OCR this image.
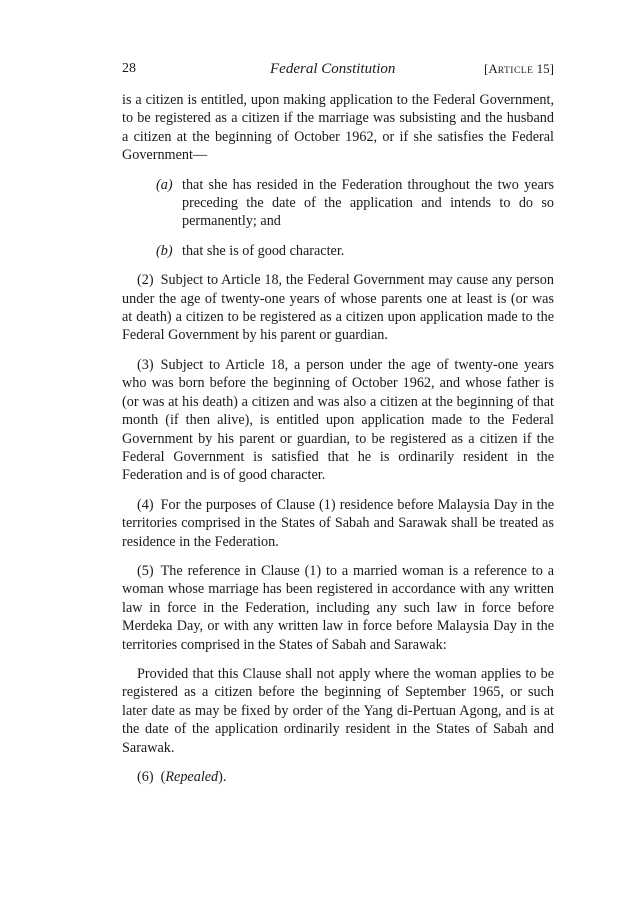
28	Federal Constitution	[ARTICLE 15]

is a citizen is entitled, upon making application to the Federal Government, to be registered as a citizen if the marriage was subsisting and the husband a citizen at the beginning of October 1962, or if she satisfies the Federal Government—

(a) that she has resided in the Federation throughout the two years preceding the date of the application and intends to do so permanently; and
(b) that she is of good character.

(2) Subject to Article 18, the Federal Government may cause any person under the age of twenty-one years of whose parents one at least is (or was at death) a citizen to be registered as a citizen upon application made to the Federal Government by his parent or guardian.

(3) Subject to Article 18, a person under the age of twenty-one years who was born before the beginning of October 1962, and whose father is (or was at his death) a citizen and was also a citizen at the beginning of that month (if then alive), is entitled upon application made to the Federal Government by his parent or guardian, to be registered as a citizen if the Federal Government is satisfied that he is ordinarily resident in the Federation and is of good character.

(4) For the purposes of Clause (1) residence before Malaysia Day in the territories comprised in the States of Sabah and Sarawak shall be treated as residence in the Federation.

(5) The reference in Clause (1) to a married woman is a reference to a woman whose marriage has been registered in accordance with any written law in force in the Federation, including any such law in force before Merdeka Day, or with any written law in force before Malaysia Day in the territories comprised in the States of Sabah and Sarawak:

Provided that this Clause shall not apply where the woman applies to be registered as a citizen before the beginning of September 1965, or such later date as may be fixed by order of the Yang di-Pertuan Agong, and is at the date of the application ordinarily resident in the States of Sabah and Sarawak.

(6) (Repealed).
